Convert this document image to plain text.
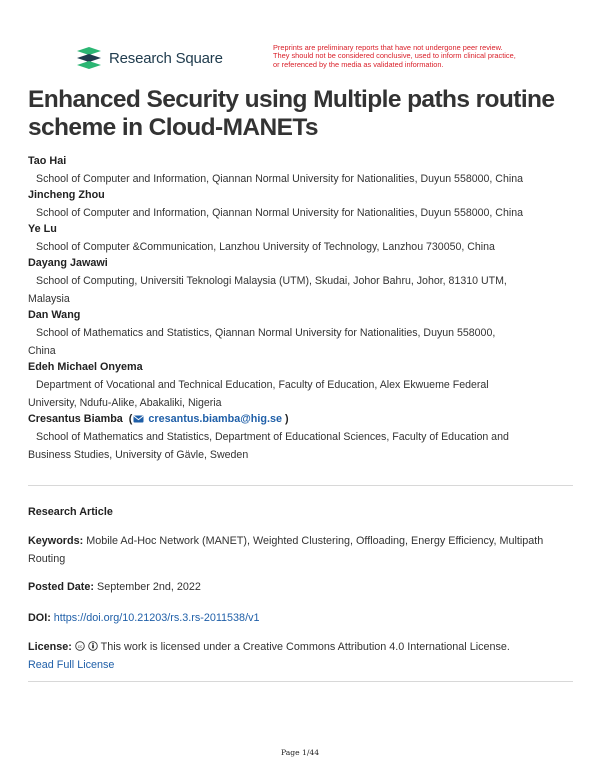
Research Square
Preprints are preliminary reports that have not undergone peer review.
They should not be considered conclusive, used to inform clinical practice,
or referenced by the media as validated information.
Enhanced Security using Multiple paths routine scheme in Cloud-MANETs
Tao Hai
School of Computer and Information, Qiannan Normal University for Nationalities, Duyun 558000, China
Jincheng Zhou
School of Computer and Information, Qiannan Normal University for Nationalities, Duyun 558000, China
Ye Lu
School of Computer &Communication, Lanzhou University of Technology, Lanzhou 730050, China
Dayang Jawawi
School of Computing, Universiti Teknologi Malaysia (UTM), Skudai, Johor Bahru, Johor, 81310 UTM,
Malaysia
Dan Wang
School of Mathematics and Statistics, Qiannan Normal University for Nationalities, Duyun 558000,
China
Edeh Michael Onyema
Department of Vocational and Technical Education, Faculty of Education, Alex Ekwueme Federal
University, Ndufu-Alike, Abakaliki, Nigeria
Cresantus Biamba  ( cresantus.biamba@hig.se )
School of Mathematics and Statistics, Department of Educational Sciences, Faculty of Education and
Business Studies, University of Gävle, Sweden
Research Article
Keywords: Mobile Ad-Hoc Network (MANET), Weighted Clustering, Offloading, Energy Efficiency, Multipath
Routing
Posted Date: September 2nd, 2022
DOI: https://doi.org/10.21203/rs.3.rs-2011538/v1
License: cc This work is licensed under a Creative Commons Attribution 4.0 International License.
Read Full License
Page 1/44
